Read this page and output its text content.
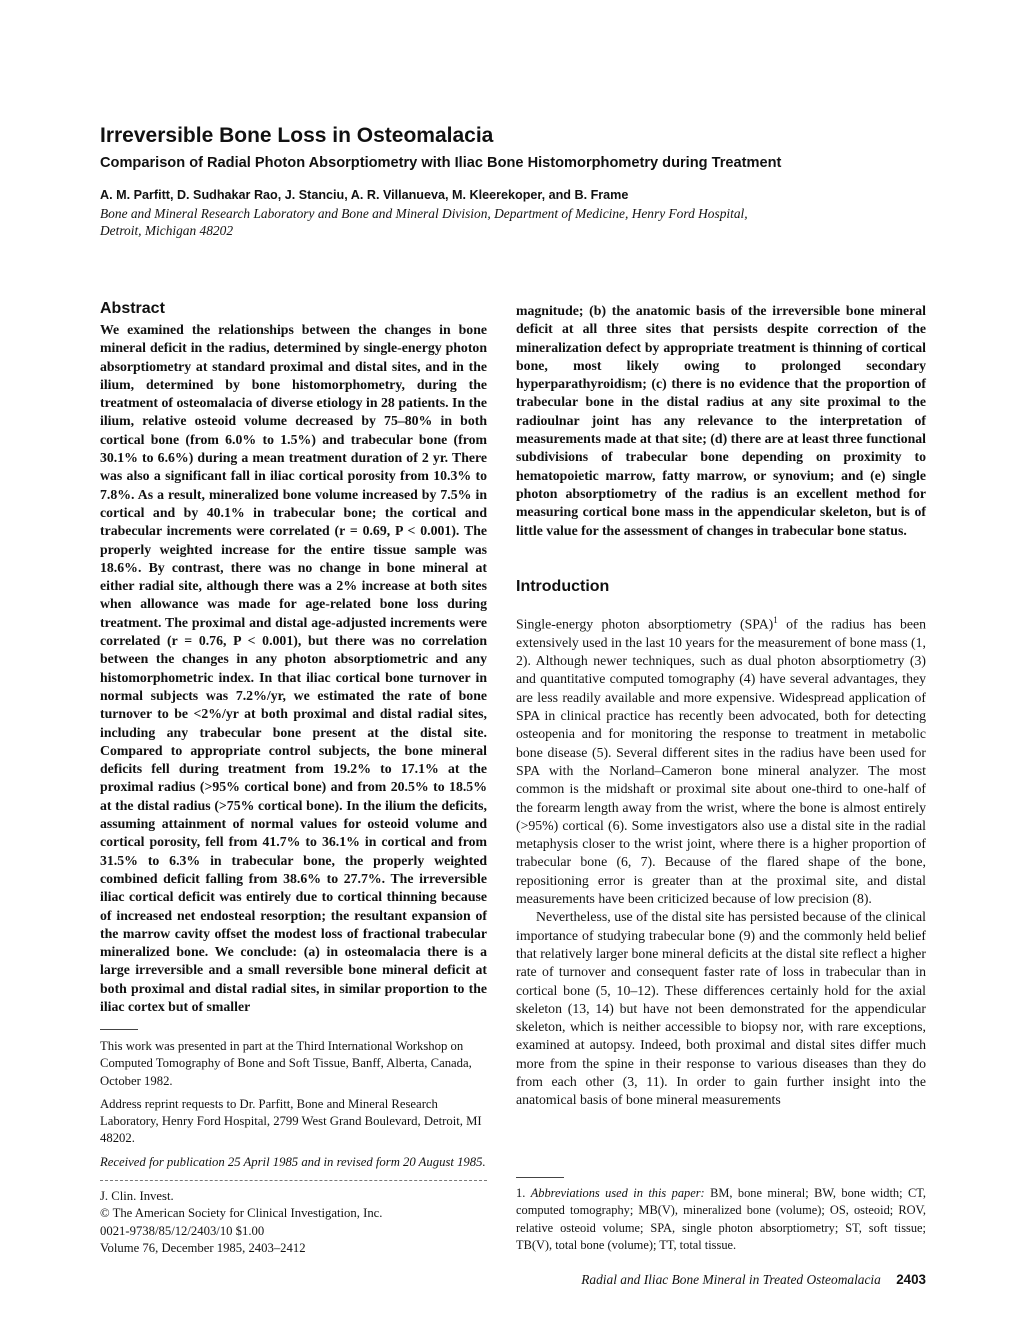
Irreversible Bone Loss in Osteomalacia
Comparison of Radial Photon Absorptiometry with Iliac Bone Histomorphometry during Treatment
A. M. Parfitt, D. Sudhakar Rao, J. Stanciu, A. R. Villanueva, M. Kleerekoper, and B. Frame
Bone and Mineral Research Laboratory and Bone and Mineral Division, Department of Medicine, Henry Ford Hospital,
Detroit, Michigan 48202
Abstract

We examined the relationships between the changes in bone mineral deficit in the radius, determined by single-energy photon absorptiometry at standard proximal and distal sites, and in the ilium, determined by bone histomorphometry, during the treatment of osteomalacia of diverse etiology in 28 patients. In the ilium, relative osteoid volume decreased by 75–80% in both cortical bone (from 6.0% to 1.5%) and trabecular bone (from 30.1% to 6.6%) during a mean treatment duration of 2 yr. There was also a significant fall in iliac cortical porosity from 10.3% to 7.8%. As a result, mineralized bone volume increased by 7.5% in cortical and by 40.1% in trabecular bone; the cortical and trabecular increments were correlated (r = 0.69, P < 0.001). The properly weighted increase for the entire tissue sample was 18.6%. By contrast, there was no change in bone mineral at either radial site, although there was a 2% increase at both sites when allowance was made for age-related bone loss during treatment. The proximal and distal age-adjusted increments were correlated (r = 0.76, P < 0.001), but there was no correlation between the changes in any photon absorptiometric and any histomorphometric index. In that iliac cortical bone turnover in normal subjects was 7.2%/yr, we estimated the rate of bone turnover to be <2%/yr at both proximal and distal radial sites, including any trabecular bone present at the distal site. Compared to appropriate control subjects, the bone mineral deficits fell during treatment from 19.2% to 17.1% at the proximal radius (>95% cortical bone) and from 20.5% to 18.5% at the distal radius (>75% cortical bone). In the ilium the deficits, assuming attainment of normal values for osteoid volume and cortical porosity, fell from 41.7% to 36.1% in cortical and from 31.5% to 6.3% in trabecular bone, the properly weighted combined deficit falling from 38.6% to 27.7%. The irreversible iliac cortical deficit was entirely due to cortical thinning because of increased net endosteal resorption; the resultant expansion of the marrow cavity offset the modest loss of fractional trabecular mineralized bone. We conclude: (a) in osteomalacia there is a large irreversible and a small reversible bone mineral deficit at both proximal and distal radial sites, in similar proportion to the iliac cortex but of smaller

magnitude; (b) the anatomic basis of the irreversible bone mineral deficit at all three sites that persists despite correction of the mineralization defect by appropriate treatment is thinning of cortical bone, most likely owing to prolonged secondary hyperparathyroidism; (c) there is no evidence that the proportion of trabecular bone in the distal radius at any site proximal to the radioulnar joint has any relevance to the interpretation of measurements made at that site; (d) there are at least three functional subdivisions of trabecular bone depending on proximity to hematopoietic marrow, fatty marrow, or synovium; and (e) single photon absorptiometry of the radius is an excellent method for measuring cortical bone mass in the appendicular skeleton, but is of little value for the assessment of changes in trabecular bone status.

Introduction

Single-energy photon absorptiometry (SPA)$^1$ of the radius has been extensively used in the last 10 years for the measurement of bone mass (1, 2). Although newer techniques, such as dual photon absorptiometry (3) and quantitative computed tomography (4) have several advantages, they are less readily available and more expensive. Widespread application of SPA in clinical practice has recently been advocated, both for detecting osteopenia and for monitoring the response to treatment in metabolic bone disease (5). Several different sites in the radius have been used for SPA with the Norland–Cameron bone mineral analyzer. The most common is the midshaft or proximal site about one-third to one-half of the forearm length away from the wrist, where the bone is almost entirely (>95%) cortical (6). Some investigators also use a distal site in the radial metaphysis closer to the wrist joint, where there is a higher proportion of trabecular bone (6, 7). Because of the flared shape of the bone, repositioning error is greater than at the proximal site, and distal measurements have been criticized because of low precision (8).

Nevertheless, use of the distal site has persisted because of the clinical importance of studying trabecular bone (9) and the commonly held belief that relatively larger bone mineral deficits at the distal site reflect a higher rate of turnover and consequent faster rate of loss in trabecular than in cortical bone (5, 10–12). These differences certainly hold for the axial skeleton (13, 14) but have not been demonstrated for the appendicular skeleton, which is neither accessible to biopsy nor, with rare exceptions, examined at autopsy. Indeed, both proximal and distal sites differ much more from the spine in their response to various diseases than they do from each other (3, 11). In order to gain further insight into the anatomical basis of bone mineral measurements

This work was presented in part at the Third International Workshop on Computed Tomography of Bone and Soft Tissue, Banff, Alberta, Canada, October 1982.

Address reprint requests to Dr. Parfitt, Bone and Mineral Research Laboratory, Henry Ford Hospital, 2799 West Grand Boulevard, Detroit, MI 48202.

Received for publication 25 April 1985 and in revised form 20 August 1985.

J. Clin. Invest.
© The American Society for Clinical Investigation, Inc.
0021-9738/85/12/2403/10 $1.00
Volume 76, December 1985, 2403–2412
1. Abbreviations used in this paper: BM, bone mineral; BW, bone width; CT, computed tomography; MB(V), mineralized bone (volume); OS, osteoid; ROV, relative osteoid volume; SPA, single photon absorptiometry; ST, soft tissue; TB(V), total bone (volume); TT, total tissue.
Radial and Iliac Bone Mineral in Treated Osteomalacia 2403
